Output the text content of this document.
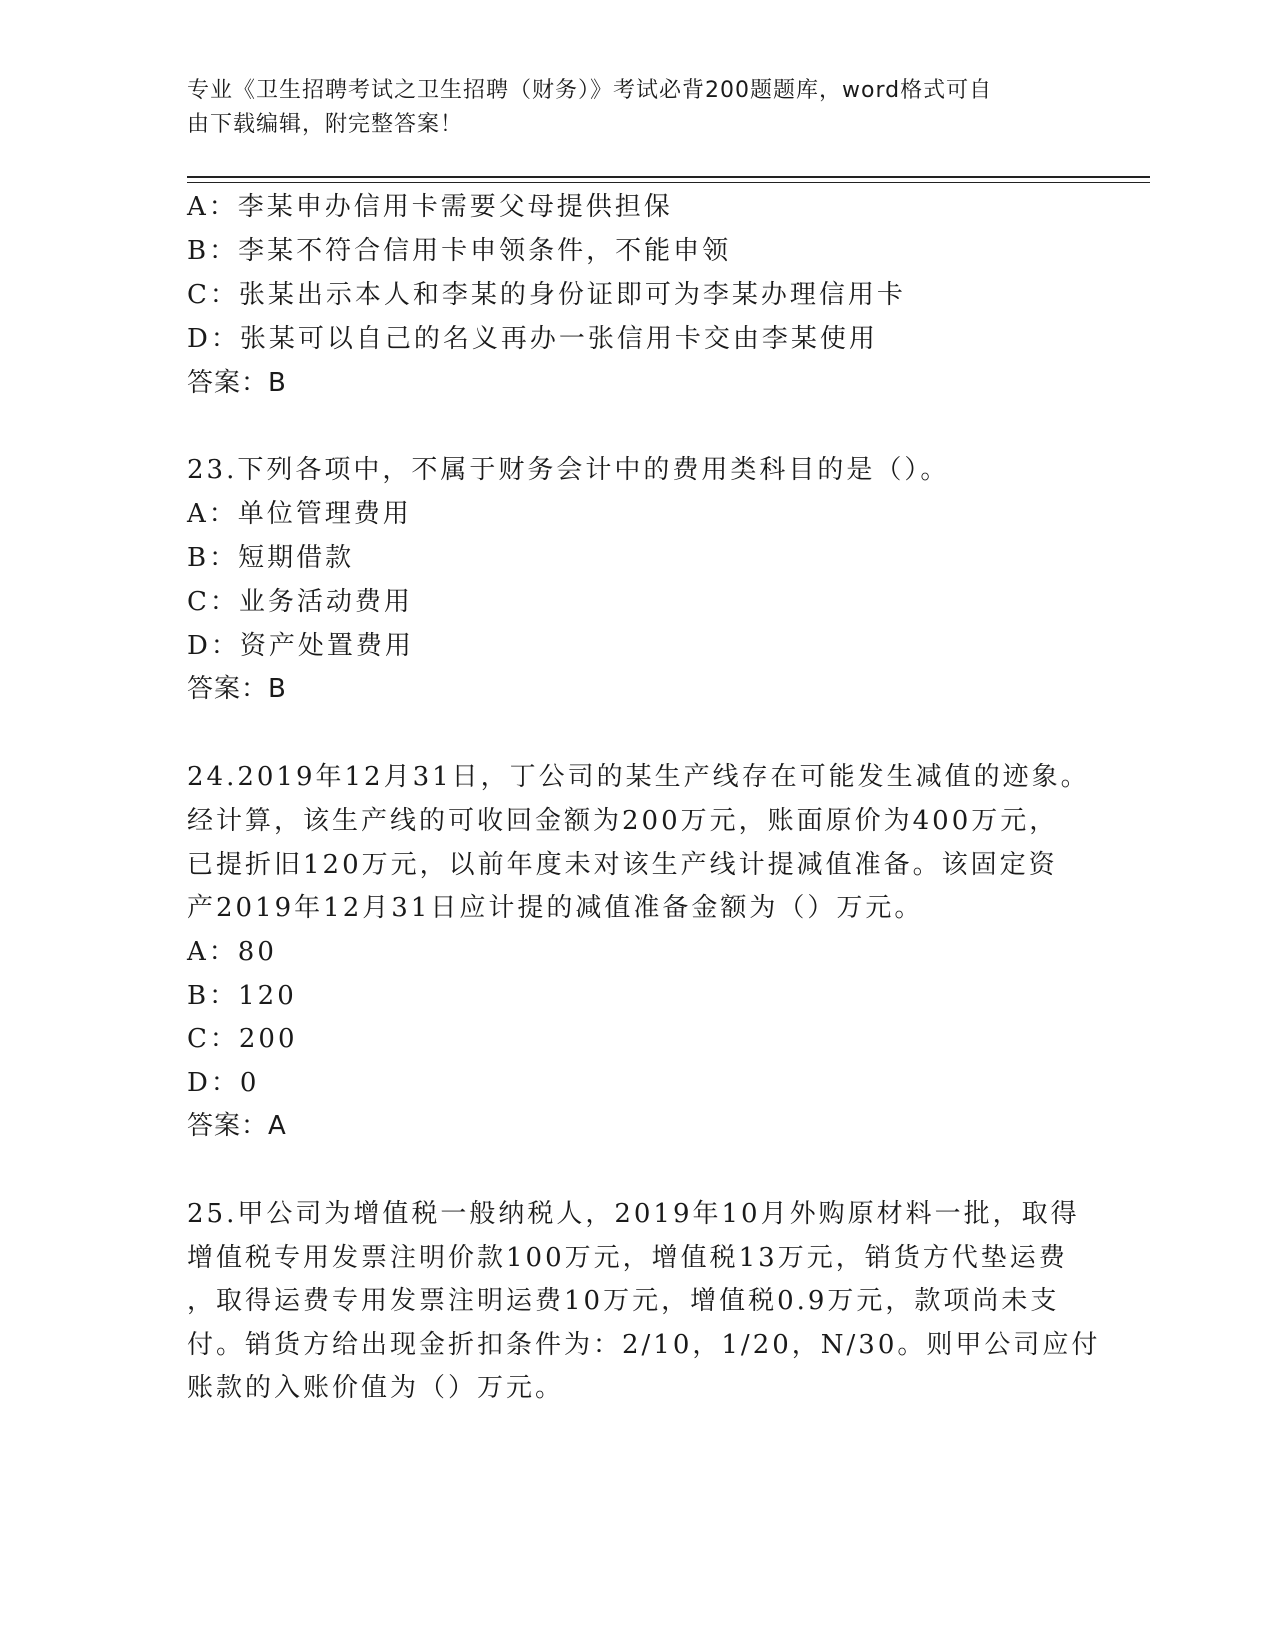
专业《卫生招聘考试之卫生招聘（财务）》考试必背200题题库，word格式可自
由下载编辑，附完整答案！
A：李某申办信用卡需要父母提供担保
B：李某不符合信用卡申领条件，不能申领
C：张某出示本人和李某的身份证即可为李某办理信用卡
D：张某可以自己的名义再办一张信用卡交由李某使用
答案：B
23.下列各项中，不属于财务会计中的费用类科目的是（）。
A：单位管理费用
B：短期借款
C：业务活动费用
D：资产处置费用
答案：B
24.2019年12月31日，丁公司的某生产线存在可能发生减值的迹象。
经计算，该生产线的可收回金额为200万元，账面原价为400万元，
已提折旧120万元，以前年度未对该生产线计提减值准备。该固定资
产2019年12月31日应计提的减值准备金额为（）万元。
A：80
B：120
C：200
D：0
答案：A
25.甲公司为增值税一般纳税人，2019年10月外购原材料一批，取得
增值税专用发票注明价款100万元，增值税13万元，销货方代垫运费
，取得运费专用发票注明运费10万元，增值税0.9万元，款项尚未支
付。销货方给出现金折扣条件为：2/10，1/20，N/30。则甲公司应付
账款的入账价值为（）万元。
